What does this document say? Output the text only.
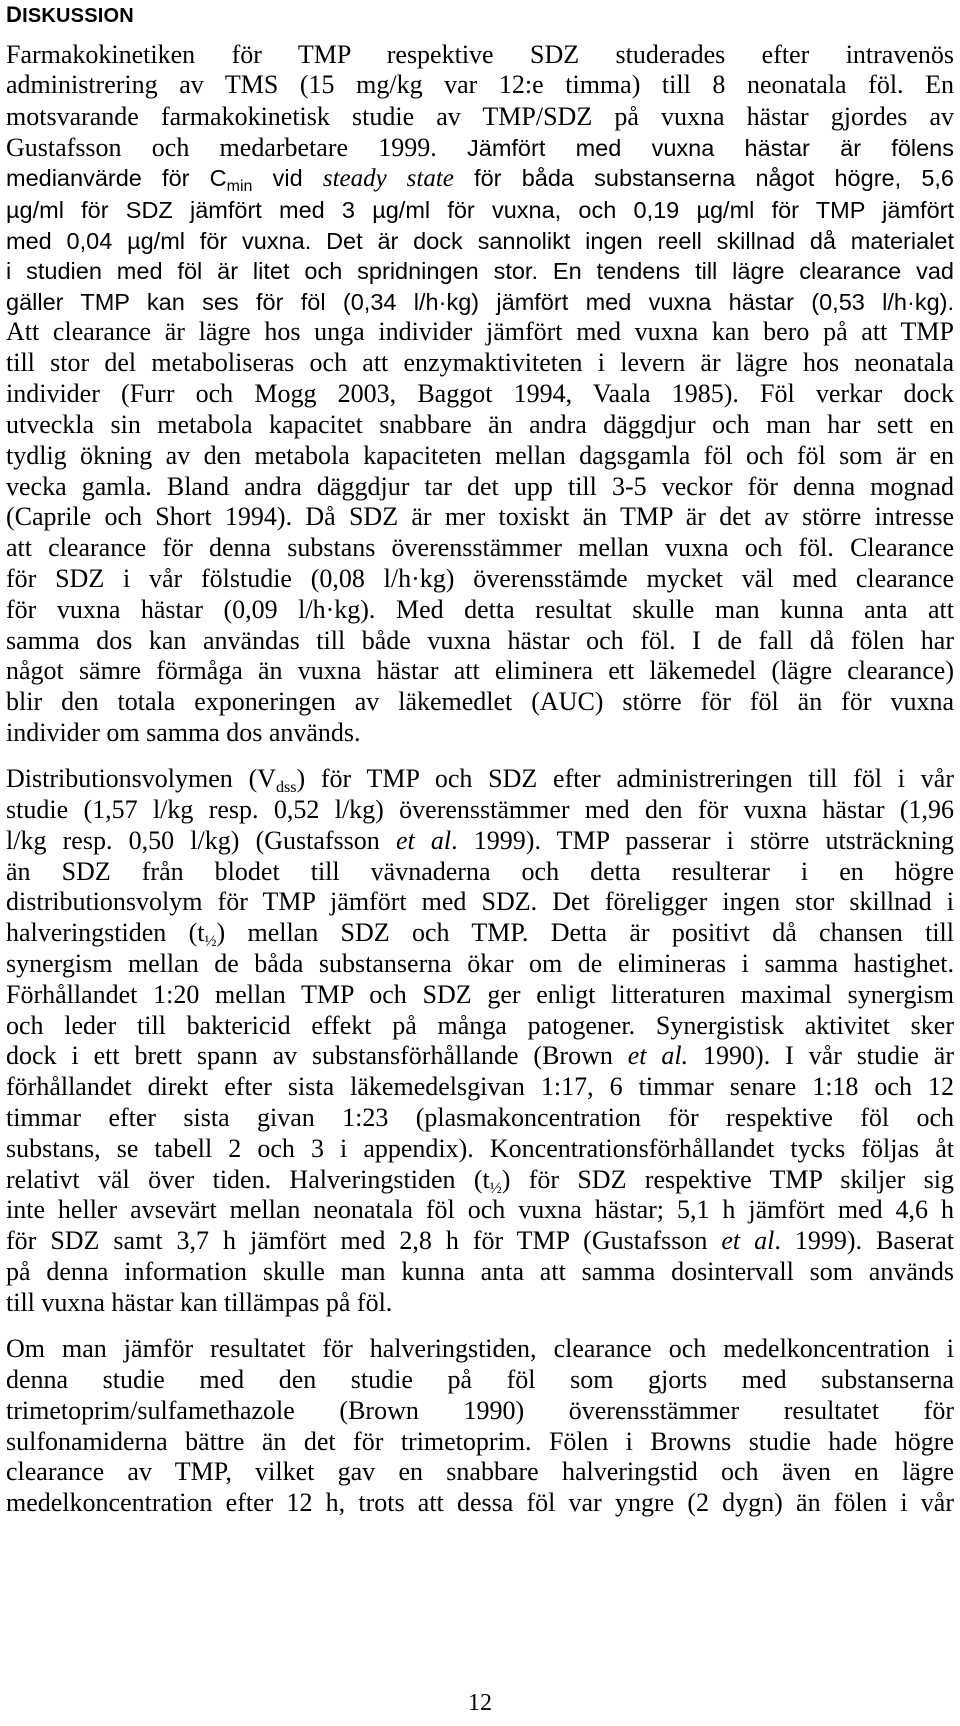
DISKUSSION
Farmakokinetiken för TMP respektive SDZ studerades efter intravenös
administrering av TMS (15 mg/kg var 12:e timma) till 8 neonatala föl. En
motsvarande farmakokinetisk studie av TMP/SDZ på vuxna hästar gjordes av
Gustafsson och medarbetare 1999. Jämfört med vuxna hästar är fölens
medianvärde för $C_{min}$ vid steady state för båda substanserna något högre, 5,6
µg/ml för SDZ jämfört med 3 µg/ml för vuxna, och 0,19 µg/ml för TMP jämfört
med 0,04 µg/ml för vuxna. Det är dock sannolikt ingen reell skillnad då materialet
i studien med föl är litet och spridningen stor. En tendens till lägre clearance vad
gäller TMP kan ses för föl (0,34 l/h·kg) jämfört med vuxna hästar (0,53 l/h·kg).
Att clearance är lägre hos unga individer jämfört med vuxna kan bero på att TMP
till stor del metaboliseras och att enzymaktiviteten i levern är lägre hos neonatala
individer (Furr och Mogg 2003, Baggot 1994, Vaala 1985). Föl verkar dock
utveckla sin metabola kapacitet snabbare än andra däggdjur och man har sett en
tydlig ökning av den metabola kapaciteten mellan dagsgamla föl och föl som är en
vecka gamla. Bland andra däggdjur tar det upp till 3-5 veckor för denna mognad
(Caprile och Short 1994). Då SDZ är mer toxiskt än TMP är det av större intresse
att clearance för denna substans överensstämmer mellan vuxna och föl. Clearance
för SDZ i vår fölstudie (0,08 l/h·kg) överensstämde mycket väl med clearance
för vuxna hästar (0,09 l/h·kg). Med detta resultat skulle man kunna anta att
samma dos kan användas till både vuxna hästar och föl. I de fall då fölen har
något sämre förmåga än vuxna hästar att eliminera ett läkemedel (lägre clearance)
blir den totala exponeringen av läkemedlet (AUC) större för föl än för vuxna
individer om samma dos används.
Distributionsvolymen $(V_{dss})$ för TMP och SDZ efter administreringen till föl i vår
studie (1,57 l/kg resp. 0,52 l/kg) överensstämmer med den för vuxna hästar (1,96
l/kg resp. 0,50 l/kg) (Gustafsson et al. 1999). TMP passerar i större utsträckning
än SDZ från blodet till vävnaderna och detta resulterar i en högre
distributionsvolym för TMP jämfört med SDZ. Det föreligger ingen stor skillnad i
halveringstiden $(t_{\frac{1}{2}})$ mellan SDZ och TMP. Detta är positivt då chansen till
synergism mellan de båda substanserna ökar om de elimineras i samma hastighet.
Förhållandet 1:20 mellan TMP och SDZ ger enligt litteraturen maximal synergism
och leder till baktericid effekt på många patogener. Synergistisk aktivitet sker
dock i ett brett spann av substansförhållande (Brown et al. 1990). I vår studie är
förhållandet direkt efter sista läkemedelsgivan 1:17, 6 timmar senare 1:18 och 12
timmar efter sista givan 1:23 (plasmakoncentration för respektive föl och
substans, se tabell 2 och 3 i appendix). Koncentrationsförhållandet tycks följas åt
relativt väl över tiden. Halveringstiden $(t_{\frac{1}{2}})$ för SDZ respektive TMP skiljer sig
inte heller avsevärt mellan neonatala föl och vuxna hästar; 5,1 h jämfört med 4,6 h
för SDZ samt 3,7 h jämfört med 2,8 h för TMP (Gustafsson et al. 1999). Baserat
på denna information skulle man kunna anta att samma dosintervall som används
till vuxna hästar kan tillämpas på föl.
Om man jämför resultatet för halveringstiden, clearance och medelkoncentration i
denna studie med den studie på föl som gjorts med substanserna
trimetoprim/sulfamethazole (Brown 1990) överensstämmer resultatet för
sulfonamiderna bättre än det för trimetoprim. Fölen i Browns studie hade högre
clearance av TMP, vilket gav en snabbare halveringstid och även en lägre
medelkoncentration efter 12 h, trots att dessa föl var yngre (2 dygn) än fölen i vår
12
